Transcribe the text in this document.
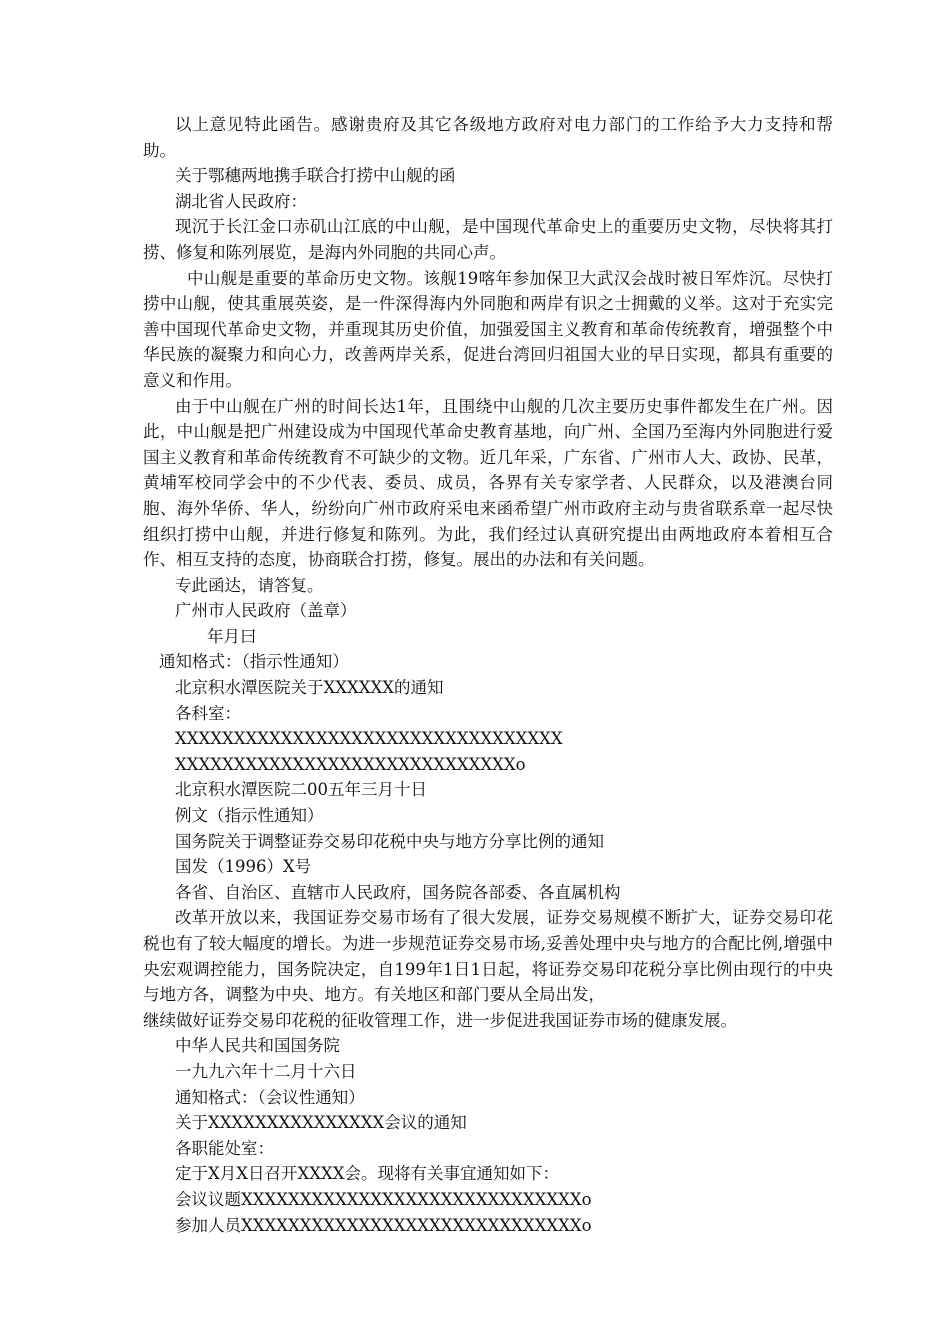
以上意见特此函告。感谢贵府及其它各级地方政府对电力部门的工作给予大力支持和帮助。

关于鄂穗两地携手联合打捞中山舰的函

湖北省人民政府：

现沉于长江金口赤矶山江底的中山舰，是中国现代革命史上的重要历史文物，尽快将其打捞、修复和陈列展览，是海内外同胞的共同心声。

中山舰是重要的革命历史文物。该舰19喀年参加保卫大武汉会战时被日军炸沉。尽快打捞中山舰，使其重展英姿，是一件深得海内外同胞和两岸有识之士拥戴的义举。这对于充实完善中国现代革命史文物，并重现其历史价值，加强爱国主义教育和革命传统教育，增强整个中华民族的凝聚力和向心力，改善两岸关系，促进台湾回归祖国大业的早日实现，都具有重要的意义和作用。

由于中山舰在广州的时间长达1年，且围绕中山舰的几次主要历史事件都发生在广州。因此，中山舰是把广州建设成为中国现代革命史教育基地，向广州、全国乃至海内外同胞进行爱国主义教育和革命传统教育不可缺少的文物。近几年采，广东省、广州市人大、政协、民革，黄埔军校同学会中的不少代表、委员、成员，各界有关专家学者、人民群众，以及港澳台同胞、海外华侨、华人，纷纷向广州市政府采电来函希望广州市政府主动与贵省联系章一起尽快组织打捞中山舰，并进行修复和陈列。为此，我们经过认真研究提出由两地政府本着相互合作、相互支持的态度，协商联合打捞，修复。展出的办法和有关问题。

专此函达，请答复。

广州市人民政府（盖章）

年月曰

通知格式：（指示性通知）

北京积水潭医院关于XXXXXX的通知

各科室：

XXXXXXXXXXXXXXXXXXXXXXXXXXXXXXXXX

XXXXXXXXXXXXXXXXXXXXXXXXXXXXXo

北京积水潭医院二00五年三月十日

例文（指示性通知）

国务院关于调整证券交易印花税中央与地方分享比例的通知

国发（1996）X号

各省、自治区、直辖市人民政府，国务院各部委、各直属机构

改革开放以来，我国证券交易市场有了很大发展，证券交易规模不断扩大，证券交易印花税也有了较大幅度的增长。为进一步规范证券交易市场,妥善处理中央与地方的合配比例,增强中央宏观调控能力，国务院决定，自199年1日1日起，将证券交易印花税分享比例由现行的中央与地方各，调整为中央、地方。有关地区和部门要从全局出发，

继续做好证券交易印花税的征收管理工作，进一步促进我国证券市场的健康发展。

中华人民共和国国务院

一九九六年十二月十六日

通知格式：（会议性通知）

关于XXXXXXXXXXXXXXX会议的通知

各职能处室：

定于X月X日召开XXXX会。现将有关事宜通知如下：

会议议题XXXXXXXXXXXXXXXXXXXXXXXXXXXXXo

参加人员XXXXXXXXXXXXXXXXXXXXXXXXXXXXXo
